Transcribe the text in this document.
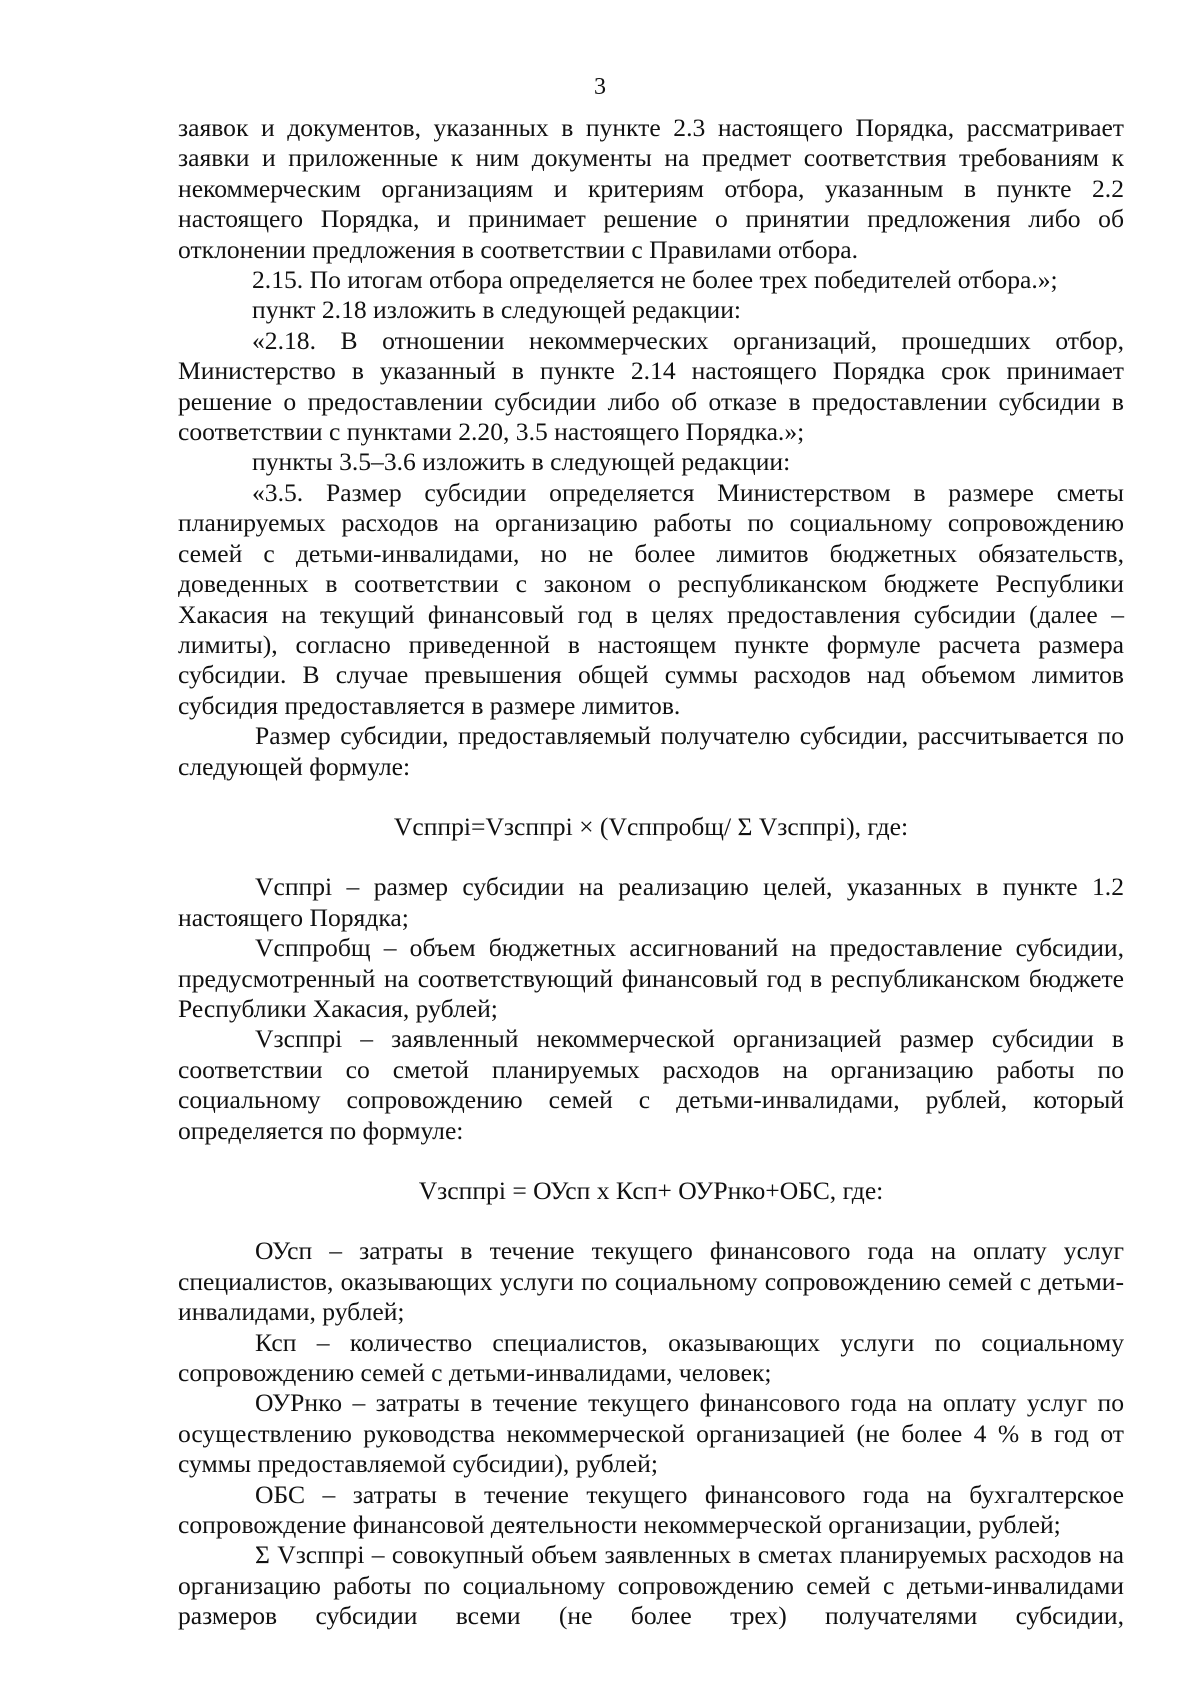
3

заявок и документов, указанных в пункте 2.3 настоящего Порядка, рассматривает заявки и приложенные к ним документы на предмет соответствия требованиям к некоммерческим организациям и критериям отбора, указанным в пункте 2.2 настоящего Порядка, и принимает решение о принятии предложения либо об отклонении предложения в соответствии с Правилами отбора.

2.15. По итогам отбора определяется не более трех победителей отбора.»;

пункт 2.18 изложить в следующей редакции:

«2.18. В отношении некоммерческих организаций, прошедших отбор, Министерство в указанный в пункте 2.14 настоящего Порядка срок принимает решение о предоставлении субсидии либо об отказе в предоставлении субсидии в соответствии с пунктами 2.20, 3.5 настоящего Порядка.»;

пункты 3.5–3.6 изложить в следующей редакции:

«3.5. Размер субсидии определяется Министерством в размере сметы планируемых расходов на организацию работы по социальному сопровождению семей с детьми-инвалидами, но не более лимитов бюджетных обязательств, доведенных в соответствии с законом о республиканском бюджете Республики Хакасия на текущий финансовый год в целях предоставления субсидии (далее – лимиты), согласно приведенной в настоящем пункте формуле расчета размера субсидии. В случае превышения общей суммы расходов над объемом лимитов субсидия предоставляется в размере лимитов.

Размер субсидии, предоставляемый получателю субсидии, рассчитывается по следующей формуле:

Vсппрi=Vзсппрi × (Vсппробщ/ Σ Vзсппрi), где:

Vсппрi – размер субсидии на реализацию целей, указанных в пункте 1.2 настоящего Порядка;

Vсппробщ – объем бюджетных ассигнований на предоставление субсидии, предусмотренный на соответствующий финансовый год в республиканском бюджете Республики Хакасия, рублей;

Vзсппрi – заявленный некоммерческой организацией размер субсидии в соответствии со сметой планируемых расходов на организацию работы по социальному сопровождению семей с детьми-инвалидами, рублей, который определяется по формуле:

Vзсппрi = ОУсп х Ксп+ ОУРнко+ОБС, где:

ОУсп – затраты в течение текущего финансового года на оплату услуг специалистов, оказывающих услуги по социальному сопровождению семей с детьми-инвалидами, рублей;

Ксп – количество специалистов, оказывающих услуги по социальному сопровождению семей с детьми-инвалидами, человек;

ОУРнко – затраты в течение текущего финансового года на оплату услуг по осуществлению руководства некоммерческой организацией (не более 4 % в год от суммы предоставляемой субсидии), рублей;

ОБС – затраты в течение текущего финансового года на бухгалтерское сопровождение финансовой деятельности некоммерческой организации, рублей;

Σ Vзсппрi – совокупный объем заявленных в сметах планируемых расходов на организацию работы по социальному сопровождению семей с детьми-инвалидами размеров субсидии всеми (не более трех) получателями субсидии,
